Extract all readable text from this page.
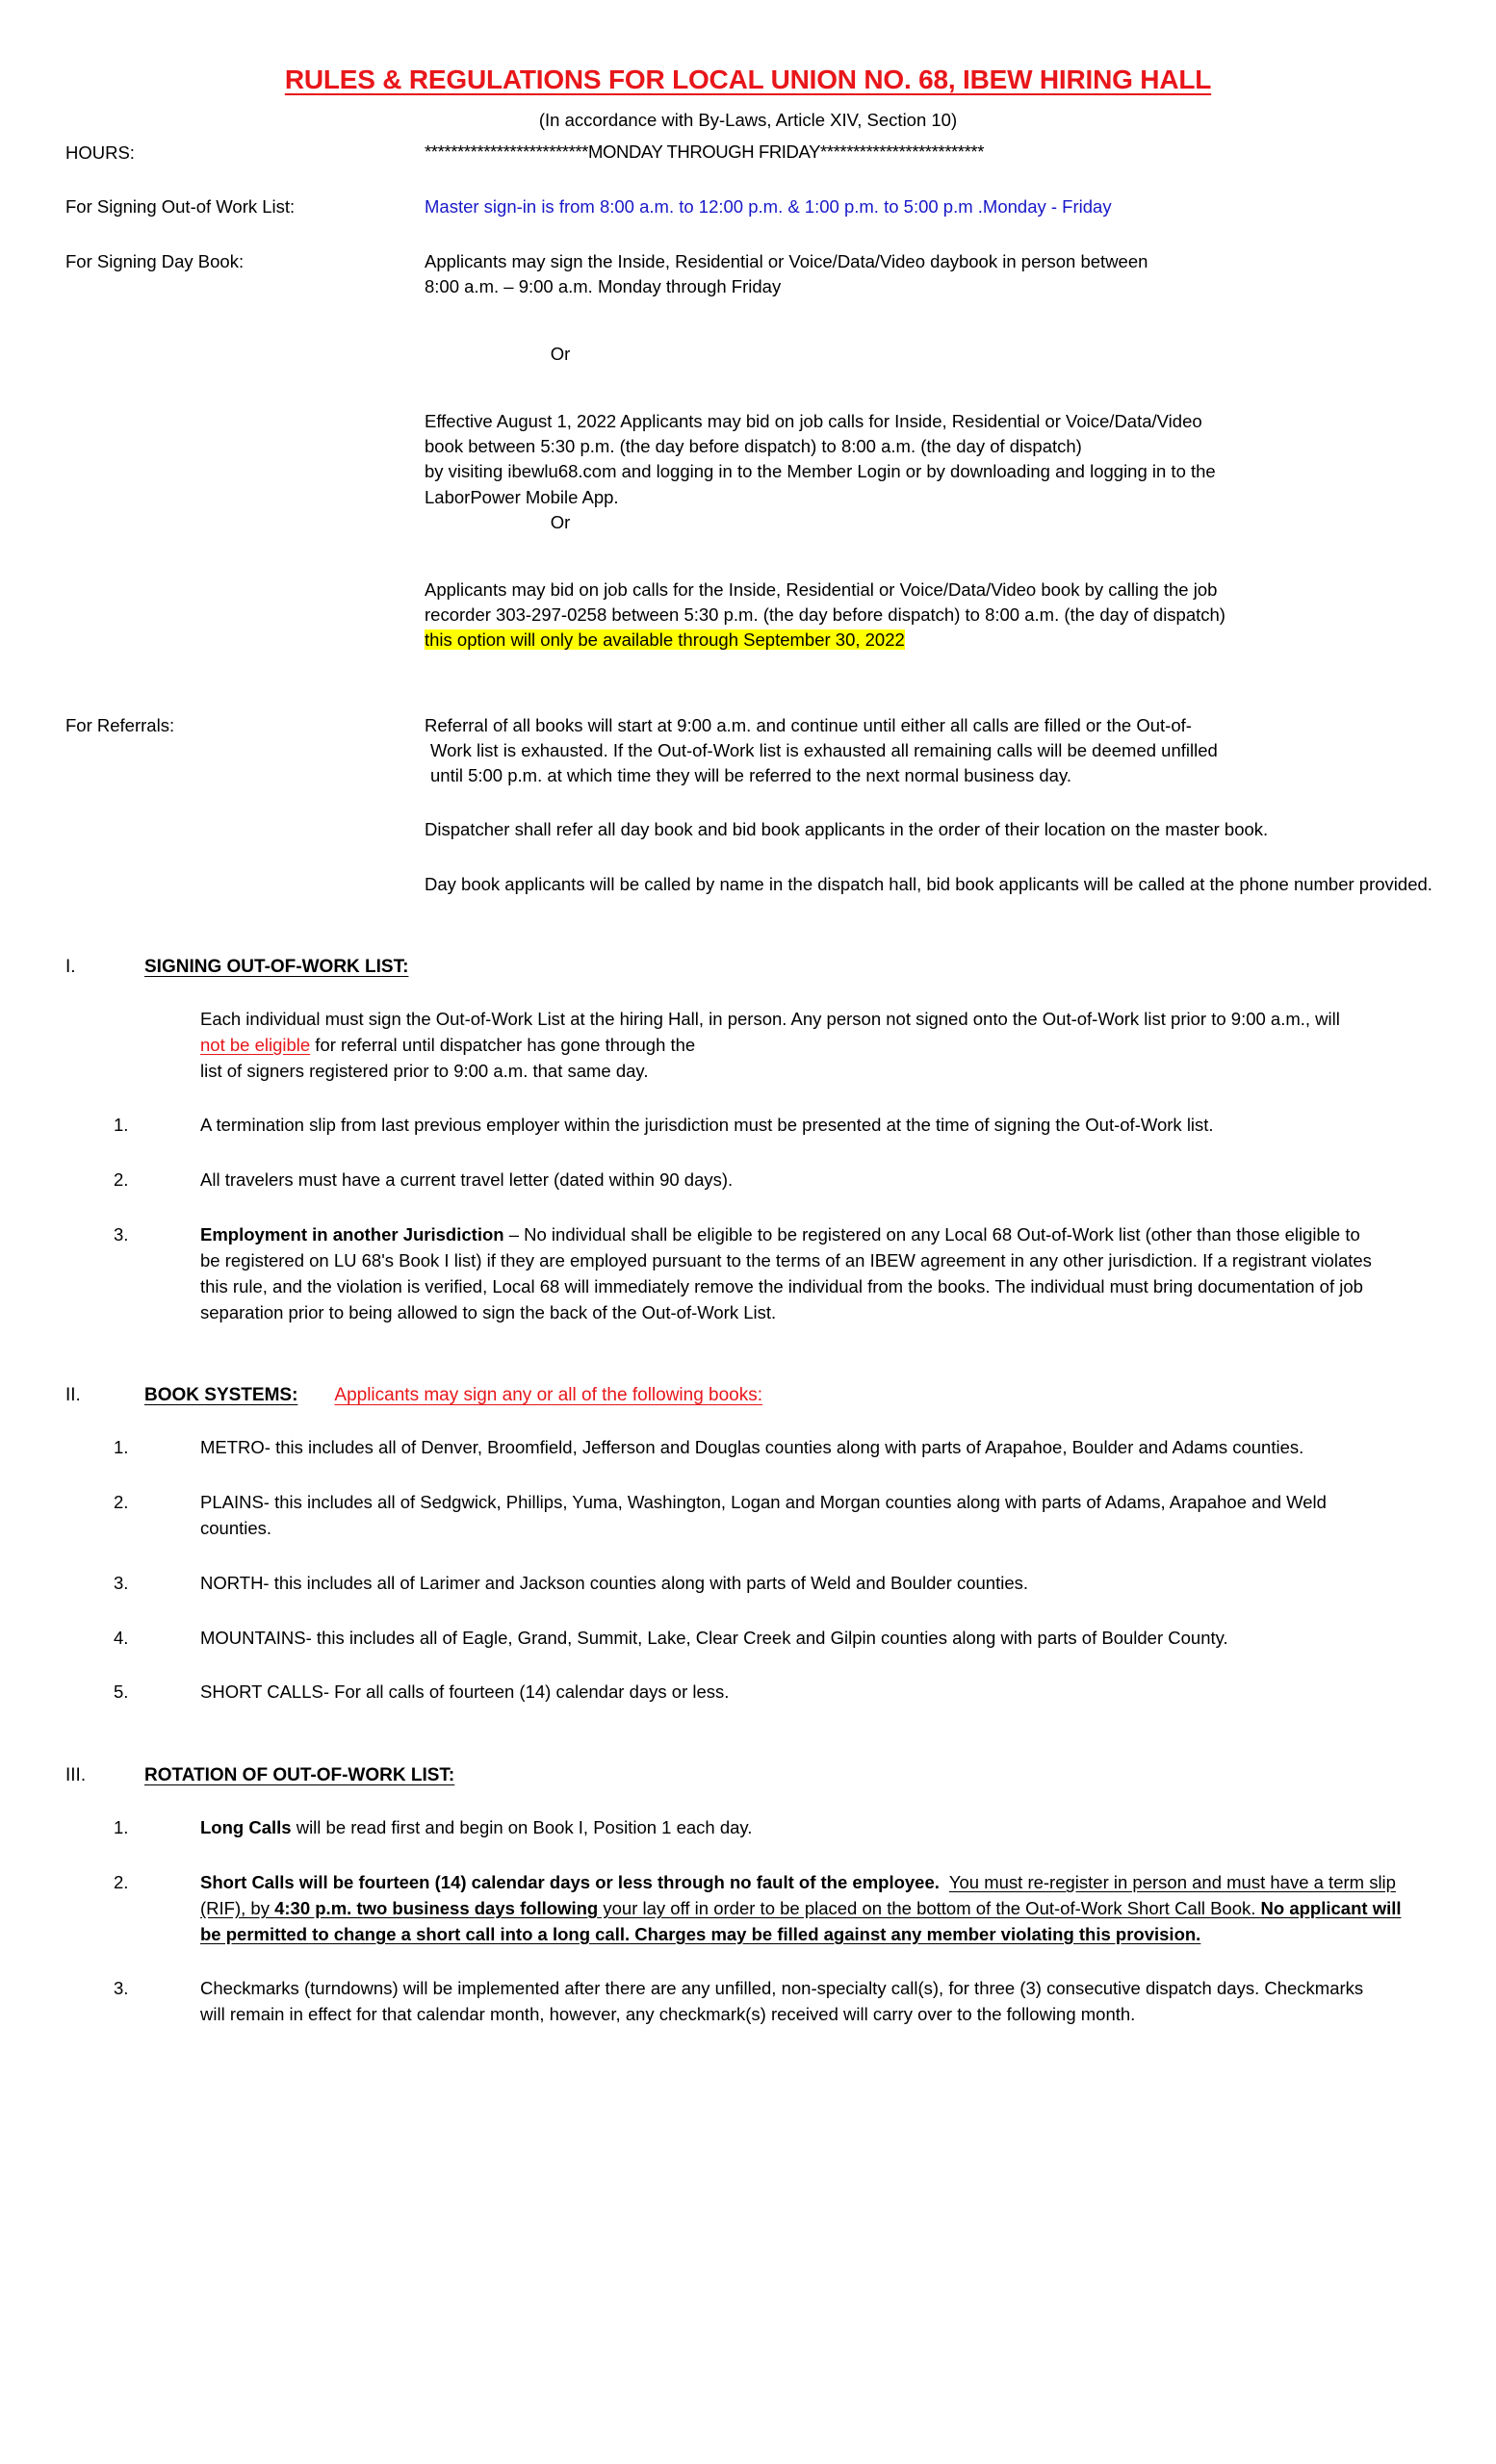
RULES & REGULATIONS FOR LOCAL UNION NO. 68, IBEW HIRING HALL
(In accordance with By-Laws, Article XIV, Section 10)
HOURS:	*************************MONDAY THROUGH FRIDAY*************************
For Signing Out-of Work List:	Master sign-in is from 8:00 a.m. to 12:00 p.m. & 1:00 p.m. to 5:00 p.m .Monday - Friday
For Signing Day Book:	Applicants may sign the Inside, Residential or Voice/Data/Video daybook in person between

8:00 a.m. – 9:00 a.m. Monday through Friday

Or

Effective August 1, 2022 Applicants may bid on job calls for Inside, Residential or Voice/Data/Video

book between 5:30 p.m. (the day before dispatch) to 8:00 a.m. (the day of dispatch)

by visiting ibewlu68.com and logging in to the Member Login or by downloading and logging in to the

LaborPower Mobile App.

Or

Applicants may bid on job calls for the Inside, Residential or Voice/Data/Video book by calling the job

recorder 303-297-0258 between 5:30 p.m. (the day before dispatch) to 8:00 a.m. (the day of dispatch)

this option will only be available through September 30, 2022

For Referrals:	Referral of all books will start at 9:00 a.m. and continue until either all calls are filled or the Out-of-

Work list is exhausted. If the Out-of-Work list is exhausted all remaining calls will be deemed unfilled

until 5:00 p.m. at which time they will be referred to the next normal business day.

Dispatcher shall refer all day book and bid book applicants in the order of their location on the master book.
Day book applicants will be called by name in the dispatch hall, bid book applicants will be called at the phone number provided.
I.	SIGNING OUT-OF-WORK LIST:
Each individual must sign the Out-of-Work List at the hiring Hall, in person. Any person not signed onto the Out-of-Work list prior to 9:00 a.m., will not be eligible for referral until dispatcher has gone through the
list of signers registered prior to 9:00 a.m. that same day.
1.	A termination slip from last previous employer within the jurisdiction must be presented at the time of signing the Out-of-Work list.
2.	All travelers must have a current travel letter (dated within 90 days).
3.	Employment in another Jurisdiction – No individual shall be eligible to be registered on any Local 68 Out-of-Work list (other than those eligible to be registered on LU 68's Book I list) if they are employed pursuant to the terms of an IBEW agreement in any other jurisdiction. If a registrant violates this rule, and the violation is verified, Local 68 will immediately remove the individual from the books. The individual must bring documentation of job separation prior to being allowed to sign the back of the Out-of-Work List.
II.	BOOK SYSTEMS: Applicants may sign any or all of the following books:
1.	METRO- this includes all of Denver, Broomfield, Jefferson and Douglas counties along with parts of Arapahoe, Boulder and Adams counties.
2.	PLAINS- this includes all of Sedgwick, Phillips, Yuma, Washington, Logan and Morgan counties along with parts of Adams, Arapahoe and Weld counties.
3.	NORTH- this includes all of Larimer and Jackson counties along with parts of Weld and Boulder counties.
4.	MOUNTAINS- this includes all of Eagle, Grand, Summit, Lake, Clear Creek and Gilpin counties along with parts of Boulder County.
5.	SHORT CALLS- For all calls of fourteen (14) calendar days or less.
III.	ROTATION OF OUT-OF-WORK LIST:
1.	Long Calls will be read first and begin on Book I, Position 1 each day.
2.	Short Calls will be fourteen (14) calendar days or less through no fault of the employee. You must re-register in person and must have a term slip (RIF), by 4:30 p.m. two business days following your lay off in order to be placed on the bottom of the Out-of-Work Short Call Book. No applicant will be permitted to change a short call into a long call. Charges may be filled against any member violating this provision.
3.	Checkmarks (turndowns) will be implemented after there are any unfilled, non-specialty call(s), for three (3) consecutive dispatch days. Checkmarks will remain in effect for that calendar month, however, any checkmark(s) received will carry over to the following month.
